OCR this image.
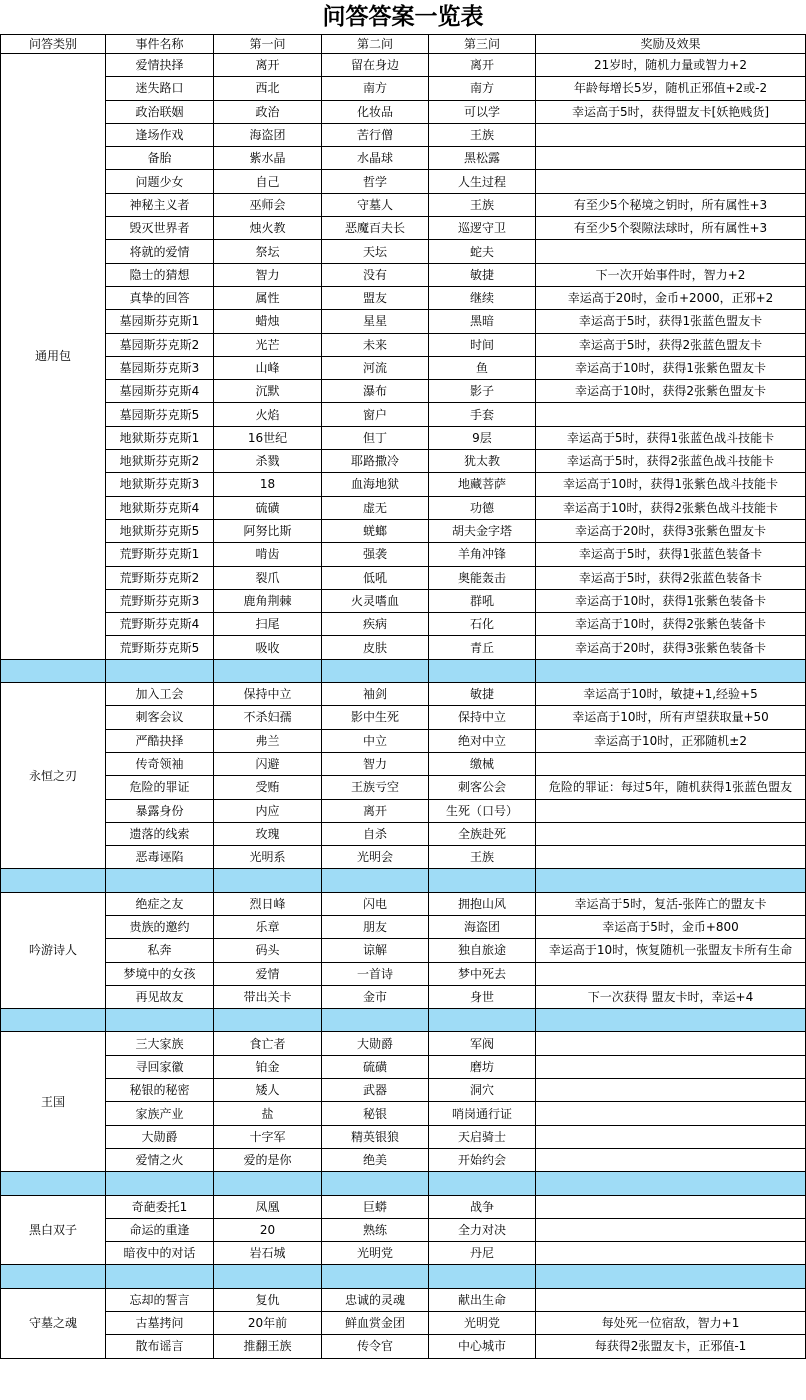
问答答案一览表
问答类别	事件名称	第一问	第二问	第三问	奖励及效果
通用包	爱情抉择	离开	留在身边	离开	21岁时，随机力量或智力+2
	迷失路口	西北	南方	南方	年龄每增长5岁，随机正邪值+2或-2
	政治联姻	政治	化妆品	可以学	幸运高于5时，获得盟友卡[妖艳贱货]
	逢场作戏	海盗团	苦行僧	王族	
	备胎	紫水晶	水晶球	黑松露	
	问题少女	自己	哲学	人生过程	
	神秘主义者	巫师会	守墓人	王族	有至少5个秘境之钥时，所有属性+3
	毁灭世界者	烛火教	恶魔百夫长	巡逻守卫	有至少5个裂隙法球时，所有属性+3
	将就的爱情	祭坛	天坛	蛇夫	
	隐士的猜想	智力	没有	敏捷	下一次开始事件时，智力+2
	真挚的回答	属性	盟友	继续	幸运高于20时，金币+2000，正邪+2
	墓园斯芬克斯1	蜡烛	星星	黑暗	幸运高于5时，获得1张蓝色盟友卡
	墓园斯芬克斯2	光芒	未来	时间	幸运高于5时，获得2张蓝色盟友卡
	墓园斯芬克斯3	山峰	河流	鱼	幸运高于10时，获得1张紫色盟友卡
	墓园斯芬克斯4	沉默	瀑布	影子	幸运高于10时，获得2张紫色盟友卡
	墓园斯芬克斯5	火焰	窗户	手套	
	地狱斯芬克斯1	16世纪	但丁	9层	幸运高于5时，获得1张蓝色战斗技能卡
	地狱斯芬克斯2	杀戮	耶路撒冷	犹太教	幸运高于5时，获得2张蓝色战斗技能卡
	地狱斯芬克斯3	18	血海地狱	地藏菩萨	幸运高于10时，获得1张紫色战斗技能卡
	地狱斯芬克斯4	硫磺	虚无	功德	幸运高于10时，获得2张紫色战斗技能卡
	地狱斯芬克斯5	阿努比斯	蜣螂	胡夫金字塔	幸运高于20时，获得3张紫色盟友卡
	荒野斯芬克斯1	啃齿	强袭	羊角冲锋	幸运高于5时，获得1张蓝色装备卡
	荒野斯芬克斯2	裂爪	低吼	奥能轰击	幸运高于5时，获得2张蓝色装备卡
	荒野斯芬克斯3	鹿角荆棘	火灵嗜血	群吼	幸运高于10时，获得1张紫色装备卡
	荒野斯芬克斯4	扫尾	疾病	石化	幸运高于10时，获得2张紫色装备卡
	荒野斯芬克斯5	吸收	皮肤	青丘	幸运高于20时，获得3张紫色装备卡

永恒之刃	加入工会	保持中立	袖剑	敏捷	幸运高于10时，敏捷+1,经验+5
	刺客会议	不杀妇孺	影中生死	保持中立	幸运高于10时，所有声望获取量+50
	严酷抉择	弗兰	中立	绝对中立	幸运高于10时，正邪随机±2
	传奇领袖	闪避	智力	缴械	
	危险的罪证	受贿	王族亏空	刺客公会	危险的罪证：每过5年，随机获得1张蓝色盟友
	暴露身份	内应	离开	生死（口号）	
	遗落的线索	玫瑰	自杀	全族赴死	
	恶毒诬陷	光明系	光明会	王族	

吟游诗人	绝症之友	烈日峰	闪电	拥抱山风	幸运高于5时，复活-张阵亡的盟友卡
	贵族的邀约	乐章	朋友	海盗团	幸运高于5时，金币+800
	私奔	码头	谅解	独自旅途	幸运高于10时，恢复随机一张盟友卡所有生命
	梦境中的女孩	爱情	一首诗	梦中死去	
	再见故友	带出关卡	金市	身世	下一次获得 盟友卡时，幸运+4

王国	三大家族	食亡者	大勋爵	军阀	
	寻回家徽	铂金	硫磺	磨坊	
	秘银的秘密	矮人	武器	洞穴	
	家族产业	盐	秘银	哨岗通行证	
	大勋爵	十字军	精英银狼	天启骑士	
	爱情之火	爱的是你	绝美	开始约会	

黑白双子	奇葩委托1	凤凰	巨蟒	战争	
	命运的重逢	20	熟练	全力对决	
	暗夜中的对话	岩石城	光明党	丹尼	

守墓之魂	忘却的誓言	复仇	忠诚的灵魂	献出生命	
	古墓拷问	20年前	鲜血赏金团	光明党	每处死一位宿敌，智力+1
	散布谣言	推翻王族	传令官	中心城市	每获得2张盟友卡，正邪值-1
